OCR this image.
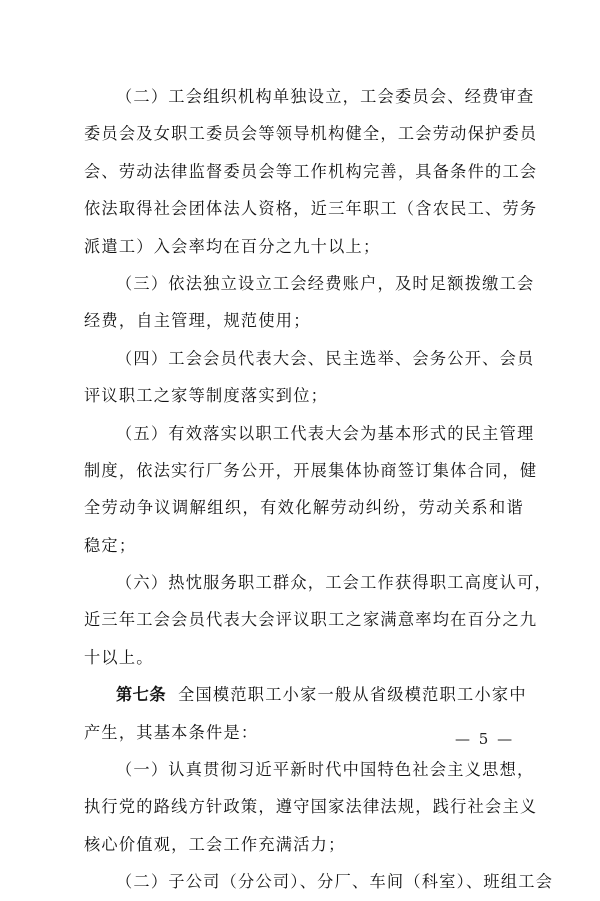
（二）工会组织机构单独设立，工会委员会、经费审查
委员会及女职工委员会等领导机构健全，工会劳动保护委员
会、劳动法律监督委员会等工作机构完善，具备条件的工会
依法取得社会团体法人资格，近三年职工（含农民工、劳务
派遣工）入会率均在百分之九十以上；
（三）依法独立设立工会经费账户，及时足额拨缴工会
经费，自主管理，规范使用；
（四）工会会员代表大会、民主选举、会务公开、会员
评议职工之家等制度落实到位；
（五）有效落实以职工代表大会为基本形式的民主管理
制度，依法实行厂务公开，开展集体协商签订集体合同，健
全劳动争议调解组织，有效化解劳动纠纷，劳动关系和谐
稳定；
（六）热忱服务职工群众，工会工作获得职工高度认可，
近三年工会会员代表大会评议职工之家满意率均在百分之九
十以上。
第七条 全国模范职工小家一般从省级模范职工小家中
产生，其基本条件是：
（一）认真贯彻习近平新时代中国特色社会主义思想，
执行党的路线方针政策，遵守国家法律法规，践行社会主义
核心价值观，工会工作充满活力；
（二）子公司（分公司）、分厂、车间（科室）、班组工会
— 5 —
